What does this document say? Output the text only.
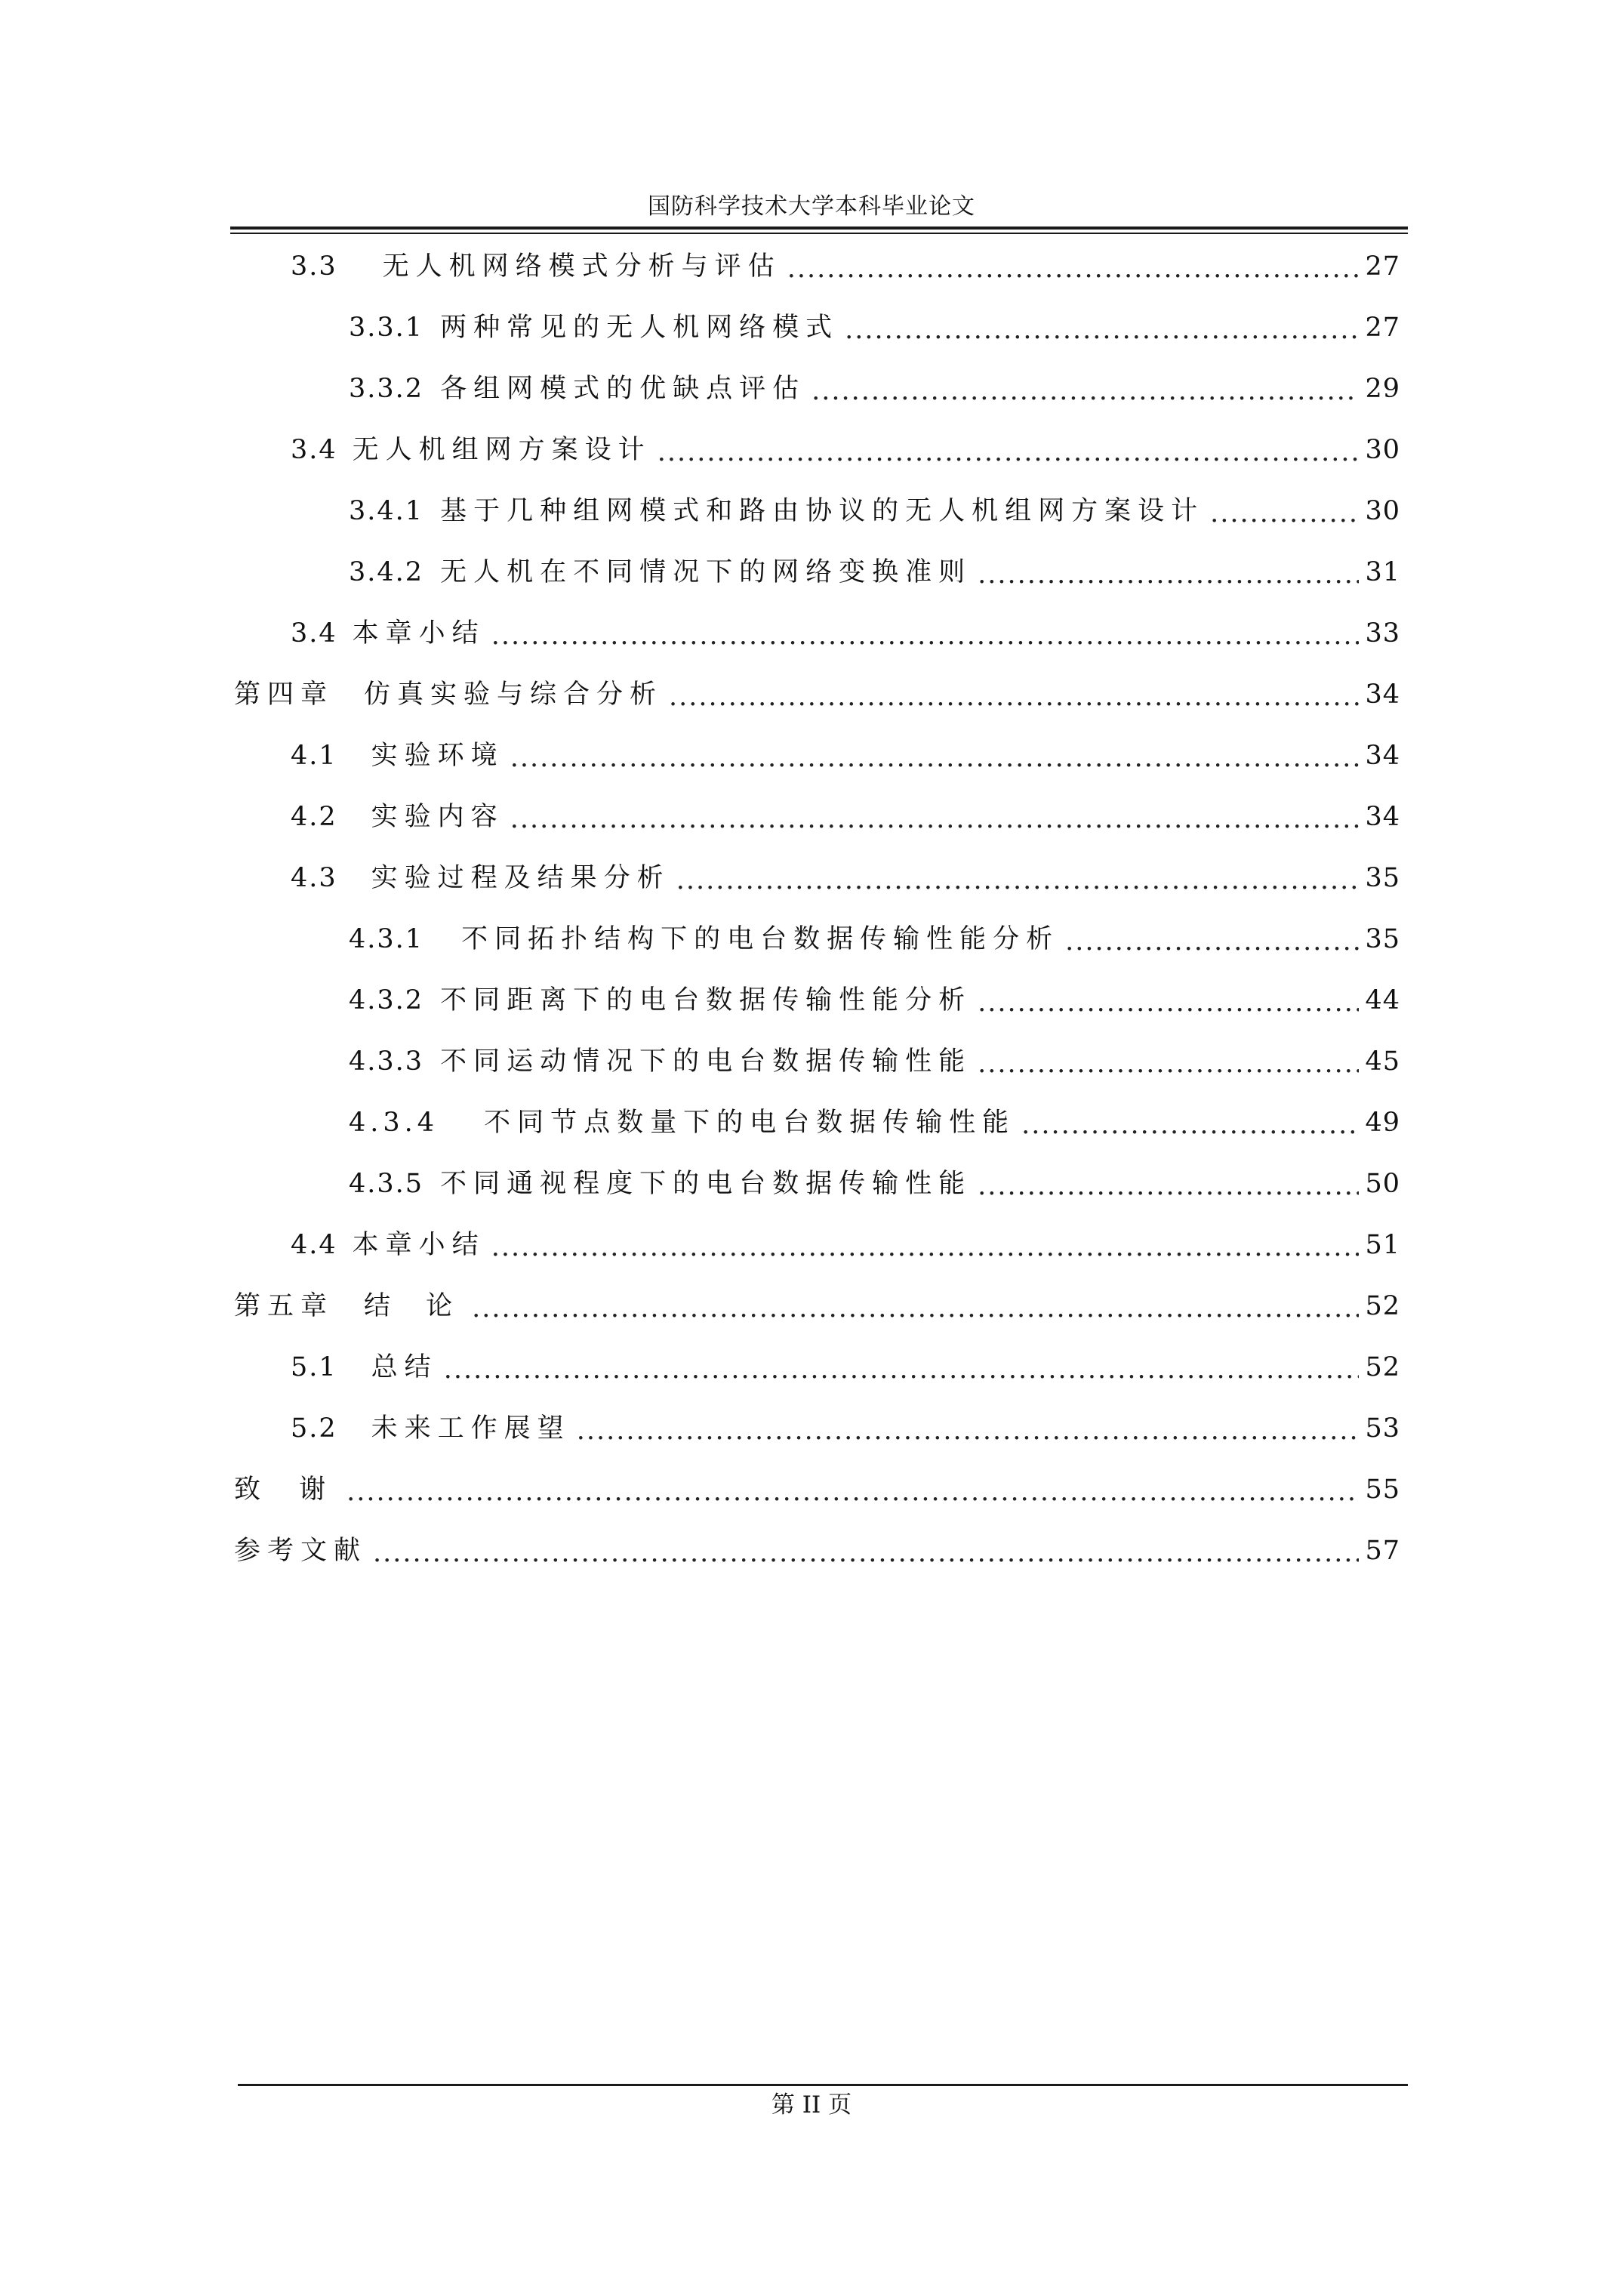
国防科学技术大学本科毕业论文
3.3 无人机网络模式分析与评估 .....	27
3.3.1 两种常见的无人机网络模式 .....	27
3.3.2 各组网模式的优缺点评估 .....	29
3.4 无人机组网方案设计 .....	30
3.4.1 基于几种组网模式和路由协议的无人机组网方案设计 .....	30
3.4.2 无人机在不同情况下的网络变换准则 .....	31
3.4 本章小结 .....	33
第四章 仿真实验与综合分析 .....	34
4.1 实验环境 .....	34
4.2 实验内容 .....	34
4.3 实验过程及结果分析 .....	35
4.3.1 不同拓扑结构下的电台数据传输性能分析 .....	35
4.3.2 不同距离下的电台数据传输性能分析 .....	44
4.3.3 不同运动情况下的电台数据传输性能 .....	45
4.3.4 不同节点数量下的电台数据传输性能 .....	49
4.3.5 不同通视程度下的电台数据传输性能 .....	50
4.4 本章小结 .....	51
第五章 结 论 .....	52
5.1 总结 .....	52
5.2 未来工作展望 .....	53
致 谢 .....	55
参考文献 .....	57
第 II 页
